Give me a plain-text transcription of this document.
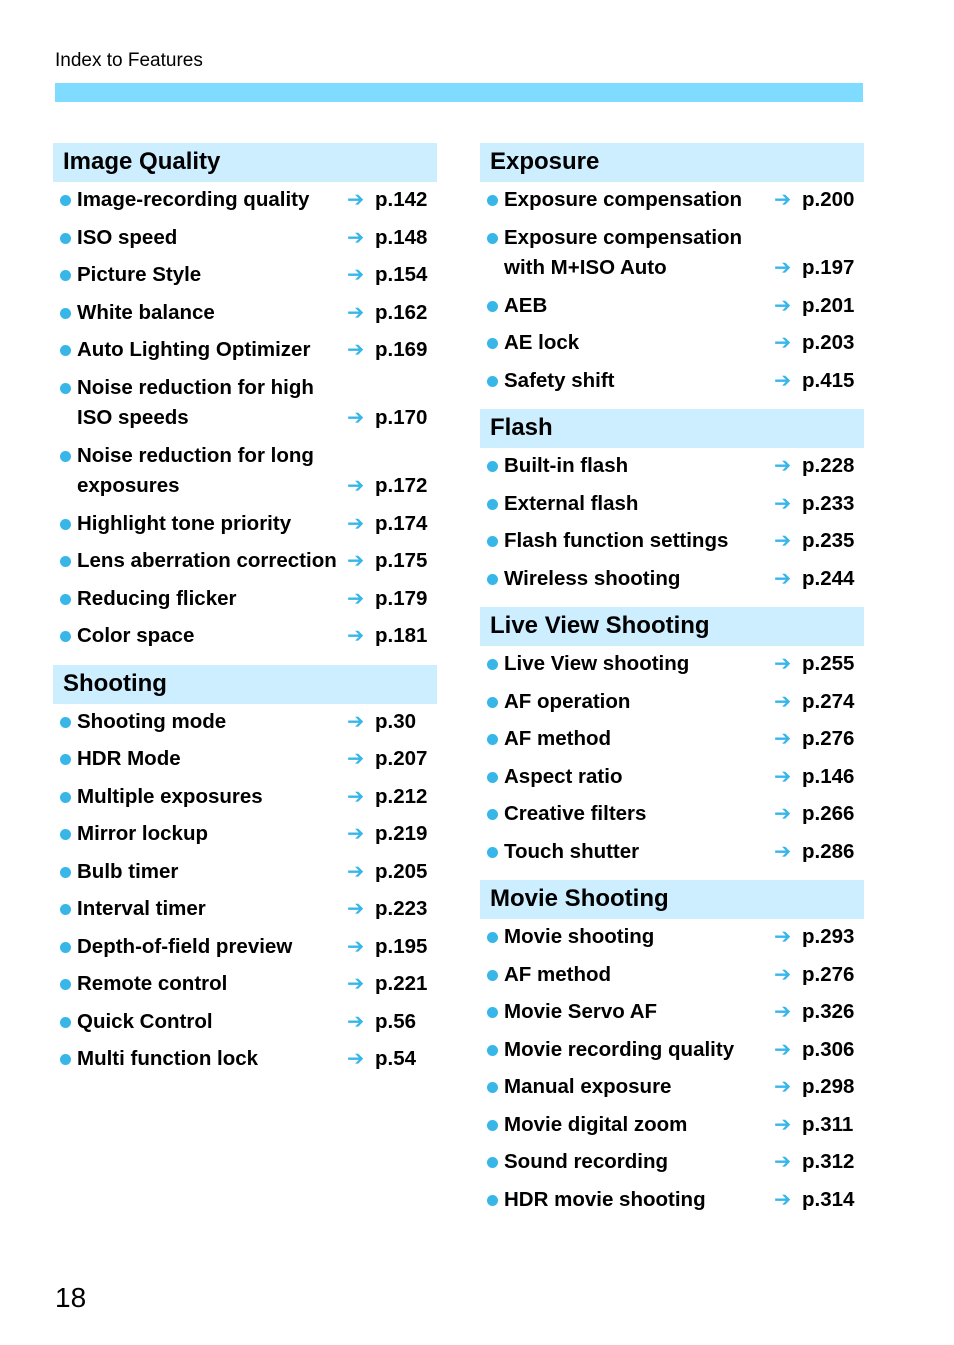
Index to Features
Image Quality
Image-recording quality ➔ p.142
ISO speed	➔ p.148
Picture Style	➔ p.154
White balance	➔ p.162
Auto Lighting Optimizer ➔ p.169
Noise reduction for high ISO speeds	➔ p.170
Noise reduction for long exposures	➔ p.172
Highlight tone priority	➔ p.174
Lens aberration correction ➔ p.175
Reducing flicker	➔ p.179
Color space	➔ p.181
Shooting
Shooting mode	➔ p.30
HDR Mode	➔ p.207
Multiple exposures	➔ p.212
Mirror lockup	➔ p.219
Bulb timer	➔ p.205
Interval timer	➔ p.223
Depth-of-field preview	➔ p.195
Remote control	➔ p.221
Quick Control	➔ p.56
Multi function lock	➔ p.54
Exposure
Exposure compensation ➔ p.200
Exposure compensation with M+ISO Auto	➔ p.197
AEB	➔ p.201
AE lock	➔ p.203
Safety shift	➔ p.415
Flash
Built-in flash	➔ p.228
External flash	➔ p.233
Flash function settings ➔ p.235
Wireless shooting	➔ p.244
Live View Shooting
Live View shooting	➔ p.255
AF operation	➔ p.274
AF method	➔ p.276
Aspect ratio	➔ p.146
Creative filters	➔ p.266
Touch shutter	➔ p.286
Movie Shooting
Movie shooting	➔ p.293
AF method	➔ p.276
Movie Servo AF	➔ p.326
Movie recording quality ➔ p.306
Manual exposure	➔ p.298
Movie digital zoom	➔ p.311
Sound recording	➔ p.312
HDR movie shooting	➔ p.314
18
